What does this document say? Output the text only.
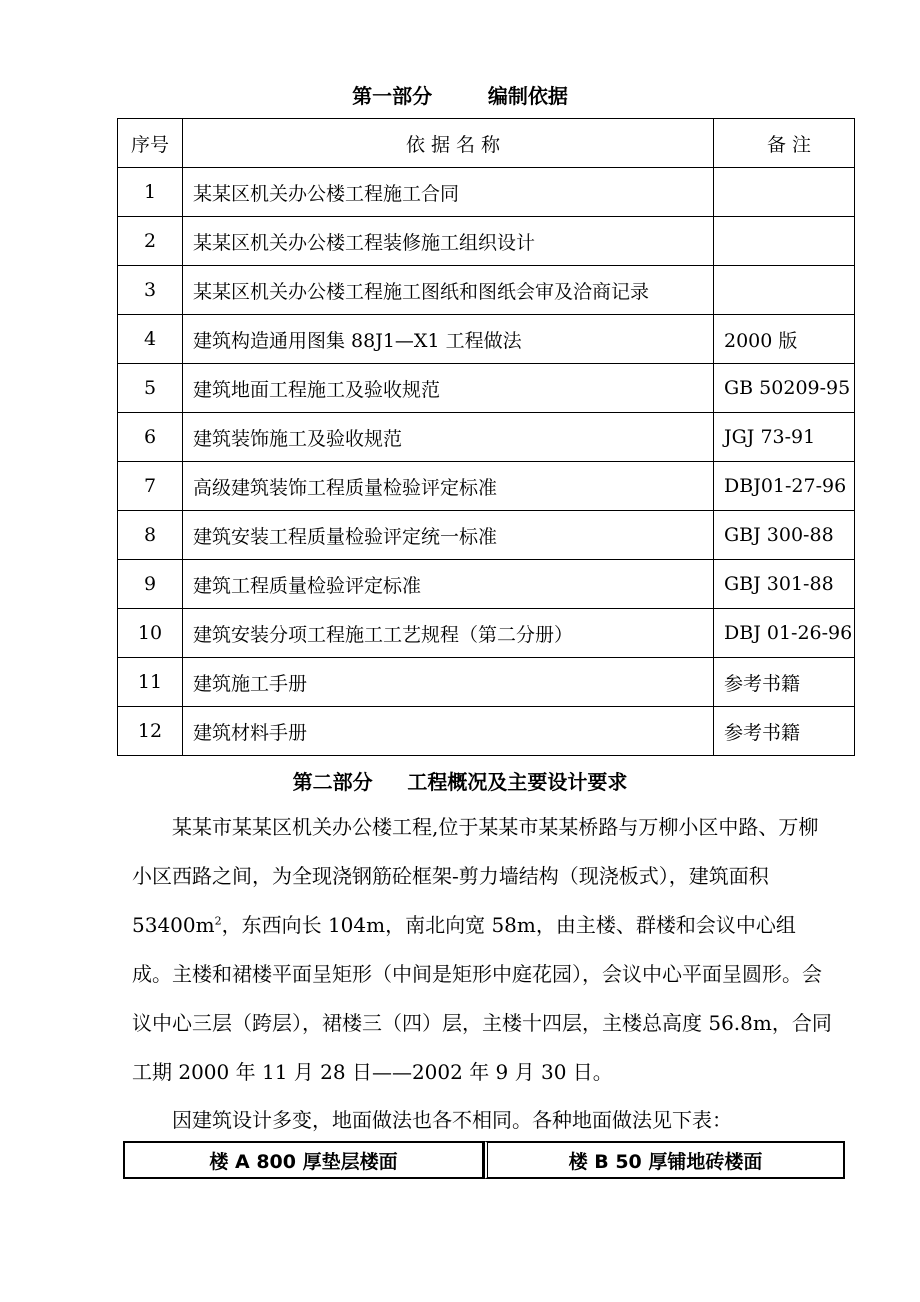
第一部分        编制依据
序号	依 据 名 称	备 注
1	某某区机关办公楼工程施工合同	
2	某某区机关办公楼工程装修施工组织设计	
3	某某区机关办公楼工程施工图纸和图纸会审及洽商记录	
4	建筑构造通用图集 88J1—X1 工程做法	2000 版
5	建筑地面工程施工及验收规范	GB 50209-95
6	建筑装饰施工及验收规范	JGJ 73-91
7	高级建筑装饰工程质量检验评定标准	DBJ01-27-96
8	建筑安装工程质量检验评定统一标准	GBJ 300-88
9	建筑工程质量检验评定标准	GBJ 301-88
10	建筑安装分项工程施工工艺规程（第二分册）	DBJ 01-26-96
11	建筑施工手册	参考书籍
12	建筑材料手册	参考书籍
第二部分     工程概况及主要设计要求

某某市某某区机关办公楼工程,位于某某市某某桥路与万柳小区中路、万柳小区西路之间，为全现浇钢筋砼框架-剪力墙结构（现浇板式），建筑面积 $53400m^2$，东西向长 104m，南北向宽 58m，由主楼、群楼和会议中心组成。主楼和裙楼平面呈矩形（中间是矩形中庭花园），会议中心平面呈圆形。会议中心三层（跨层），裙楼三（四）层，主楼十四层，主楼总高度 56.8m，合同工期 2000 年 11 月 28 日——2002 年 9 月 30 日。

因建筑设计多变，地面做法也各不相同。各种地面做法见下表：

楼 A 800 厚垫层楼面	楼 B 50 厚铺地砖楼面
